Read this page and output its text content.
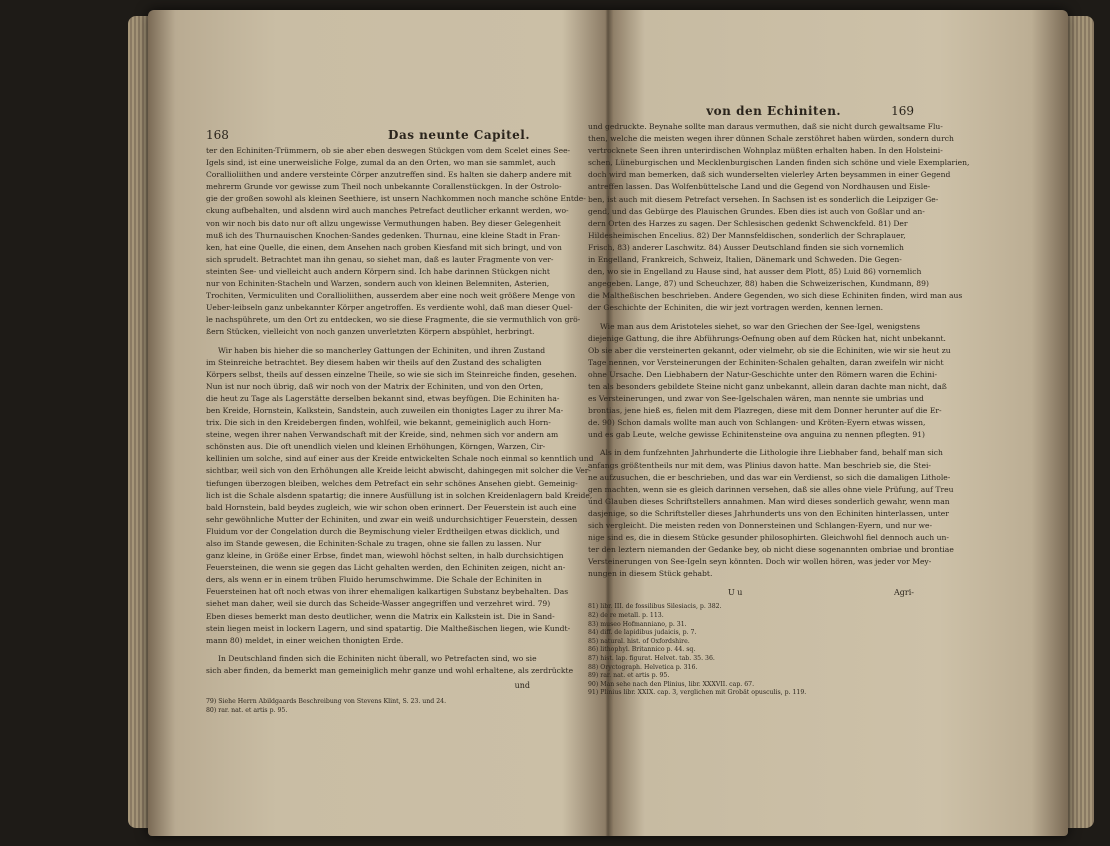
168	Das neunte Capitel.
ter den Echiniten-Trümmern, ob sie aber eben deswegen Stückgen vom dem Scelet eines See-
Igels sind, ist eine unerweisliche Folge, zumal da an den Orten, wo man sie sammlet, auch
Corallioliithen und andere versteinte Cörper anzutreffen sind. Es halten sie daherp andere mit
mehrerm Grunde vor gewisse zum Theil noch unbekannte Corallenstückgen. In der Ostrolo-
gie der großen sowohl als kleinen Seethiere, ist unsern Nachkommen noch manche schöne Entde-
ckung aufbehalten, und alsdenn wird auch manches Petrefact deutlicher erkannt werden, wo-
von wir noch bis dato nur oft allzu ungewisse Vermuthungen haben. Bey dieser Gelegenheit
muß ich des Thurnauischen Knochen-Sandes gedenken. Thurnau, eine kleine Stadt in Fran-
ken, hat eine Quelle, die einen, dem Ansehen nach groben Kiesfand mit sich bringt, und von
sich sprudelt. Betrachtet man ihn genau, so siehet man, daß es lauter Fragmente von ver-
steinten See- und vielleicht auch andern Körpern sind. Ich habe darinnen Stückgen nicht
nur von Echiniten-Stacheln und Warzen, sondern auch von kleinen Belemniten, Asterien,
Trochiten, Vermiculiten und Corallioliithen, ausserdem aber eine noch weit größere Menge von
Ueber-leibseln ganz unbekannter Körper angetroffen. Es verdiente wohl, daß man dieser Quel-
le nachspührete, um den Ort zu entdecken, wo sie diese Fragmente, die sie vermuthlich von grö-
ßern Stücken, vielleicht von noch ganzen unverletzten Körpern abspühlet, herbringt.
Wir haben bis hieher die so mancherley Gattungen der Echiniten, und ihren Zustand
im Steinreiche betrachtet. Bey diesem haben wir theils auf den Zustand des schaligten
Körpers selbst, theils auf dessen einzelne Theile, so wie sie sich im Steinreiche finden, gesehen.
Nun ist nur noch übrig, daß wir noch von der Matrix der Echiniten, und von den Orten,
die heut zu Tage als Lagerstätte derselben bekannt sind, etwas beyfügen. Die Echiniten ha-
ben Kreide, Hornstein, Kalkstein, Sandstein, auch zuweilen ein thonigtes Lager zu ihrer Ma-
trix. Die sich in den Kreidebergen finden, wohlfeil, wie bekannt, gemeiniglich auch Horn-
steine, wegen ihrer nahen Verwandschaft mit der Kreide, sind, nehmen sich vor andern am
schönsten aus. Die oft unendlich vielen und kleinen Erhöhungen, Körngen, Warzen, Cir-
kellinien um solche, sind auf einer aus der Kreide entwickelten Schale noch einmal so kenntlich und
sichtbar, weil sich von den Erhöhungen alle Kreide leicht abwischt, dahingegen mit solcher die Ver-
tiefungen überzogen bleiben, welches dem Petrefact ein sehr schönes Ansehen giebt. Gemeinig-
lich ist die Schale alsdenn spatartig; die innere Ausfüllung ist in solchen Kreidenlagern bald Kreide,
bald Hornstein, bald beydes zugleich, wie wir schon oben erinnert. Der Feuerstein ist auch eine
sehr gewöhnliche Mutter der Echiniten, und zwar ein weiß undurchsichtiger Feuerstein, dessen
Fluidum vor der Congelation durch die Beymischung vieler Erdtheilgen etwas dicklich, und
also im Stande gewesen, die Echiniten-Schale zu tragen, ohne sie fallen zu lassen. Nur
ganz kleine, in Größe einer Erbse, findet man, wiewohl höchst selten, in halb durchsichtigen
Feuersteinen, die wenn sie gegen das Licht gehalten werden, den Echiniten zeigen, nicht an-
ders, als wenn er in einem trüben Fluido herumschwimme. Die Schale der Echiniten in
Feuersteinen hat oft noch etwas von ihrer ehemaligen kalkartigen Substanz beybehalten. Das
siehet man daher, weil sie durch das Scheide-Wasser angegriffen und verzehret wird. 79)
Eben dieses bemerkt man desto deutlicher, wenn die Matrix ein Kalkstein ist. Die in Sand-
stein liegen meist in lockern Lagern, und sind spatartig. Die Maltheßischen liegen, wie Kundt-
mann 80) meldet, in einer weichen thonigten Erde.
In Deutschland finden sich die Echiniten nicht überall, wo Petrefacten sind, wo sie
sich aber finden, da bemerkt man gemeiniglich mehr ganze und wohl erhaltene, als zerdrückte
und
79) Siehe Herrn Abildgaards Beschreibung von Stevens Klint, S. 23. und 24.
80) rar. nat. et artis p. 95.
von den Echiniten.	169
und gedruckte. Beynahe sollte man daraus vermuthen, daß sie nicht durch gewaltsame Flu-
then, welche die meisten wegen ihrer dünnen Schale zerstöhret haben würden, sondern durch
vertrocknete Seen ihren unterirdischen Wohnplaz müßten erhalten haben. In den Holsteini-
schen, Lüneburgischen und Mecklenburgischen Landen finden sich schöne und viele Exemplarien,
doch wird man bemerken, daß sich wunderselten vielerley Arten beysammen in einer Gegend
antreffen lassen. Das Wolfenbüttelsche Land und die Gegend von Nordhausen und Eisle-
ben, ist auch mit diesem Petrefact versehen. In Sachsen ist es sonderlich die Leipziger Ge-
gend, und das Gebürge des Plauischen Grundes. Eben dies ist auch von Goßlar und an-
dern Orten des Harzes zu sagen. Der Schlesischen gedenkt Schwenckfeld. 81) Der
Hildesheimischen Encelius. 82) Der Mannsfeldischen, sonderlich der Schraplauer,
Frisch, 83) anderer Laschwitz. 84) Ausser Deutschland finden sie sich vornemlich
in Engelland, Frankreich, Schweiz, Italien, Dänemark und Schweden. Die Gegen-
den, wo sie in Engelland zu Hause sind, hat ausser dem Plott, 85) Luid 86) vornemlich
angegeben. Lange, 87) und Scheuchzer, 88) haben die Schweizerischen, Kundmann, 89)
die Maltheßischen beschrieben. Andere Gegenden, wo sich diese Echiniten finden, wird man aus
der Geschichte der Echiniten, die wir jezt vortragen werden, kennen lernen.
Wie man aus dem Aristoteles siehet, so war den Griechen der See-Igel, wenigstens
diejenige Gattung, die ihre Abführungs-Oefnung oben auf dem Rücken hat, nicht unbekannt.
Ob sie aber die versteinerten gekannt, oder vielmehr, ob sie die Echiniten, wie wir sie heut zu
Tage nennen, vor Versteinerungen der Echiniten-Schalen gehalten, daran zweifeln wir nicht
ohne Ursache. Den Liebhabern der Natur-Geschichte unter den Römern waren die Echini-
ten als besonders gebildete Steine nicht ganz unbekannt, allein daran dachte man nicht, daß
es Versteinerungen, und zwar von See-Igelschalen wären, man nennte sie umbrias und
brontias, jene hieß es, fielen mit dem Plazregen, diese mit dem Donner herunter auf die Er-
de. 90) Schon damals wollte man auch von Schlangen- und Kröten-Eyern etwas wissen,
und es gab Leute, welche gewisse Echinitensteine ova anguina zu nennen pflegten. 91)
Als in dem funfzehnten Jahrhunderte die Lithologie ihre Liebhaber fand, behalf man sich
anfangs größtentheils nur mit dem, was Plinius davon hatte. Man beschrieb sie, die Stei-
ne aufzusuchen, die er beschrieben, und das war ein Verdienst, so sich die damaligen Lithole-
gen machten, wenn sie es gleich darinnen versehen, daß sie alles ohne viele Prüfung, auf Treu
und Glauben dieses Schriftstellers annahmen. Man wird dieses sonderlich gewahr, wenn man
dasjenige, so die Schriftsteller dieses Jahrhunderts uns von den Echiniten hinterlassen, unter
sich vergleicht. Die meisten reden von Donnersteinen und Schlangen-Eyern, und nur we-
nige sind es, die in diesem Stücke gesunder philosophirten. Gleichwohl fiel dennoch auch un-
ter den leztern niemanden der Gedanke bey, ob nicht diese sogenannten ombriae und brontiae
Versteinerungen von See-Igeln seyn könnten. Doch wir wollen hören, was jeder vor Mey-
nungen in diesem Stück gehabt.
U u	Agri-
81) libr. III. de fossilibus Silesiacis, p. 382.
82) de re metall. p. 113.
83) museo Hofmanniano, p. 31.
84) diff. de lapidibus judaicis, p. 7.
85) natural. hist. of Oxfordshire.
86) lithophyl. Britannico p. 44. sq.
87) hist. lap. figurat. Helvet. tab. 35. 36.
88) Oryctograph. Helvetica p. 316.
89) rar. nat. et artis p. 95.
90) Man sehe nach den Plinius, libr. XXXVII. cap. 67.
91) Plinius libr. XXIX. cap. 3, verglichen mit Grobät opusculis, p. 119.
